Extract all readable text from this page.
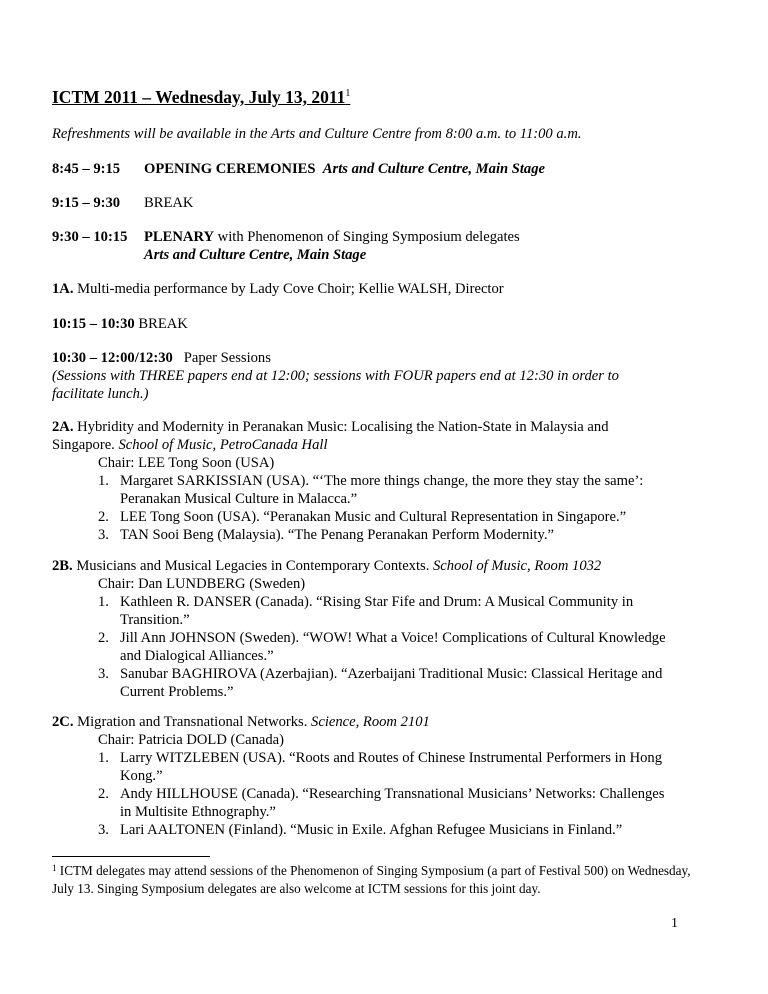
ICTM 2011 – Wednesday, July 13, 2011$^1$
Refreshments will be available in the Arts and Culture Centre from 8:00 a.m. to 11:00 a.m.
8:45 – 9:15	OPENING CEREMONIES Arts and Culture Centre, Main Stage
9:15 – 9:30	BREAK
9:30 – 10:15	PLENARY with Phenomenon of Singing Symposium delegates
Arts and Culture Centre, Main Stage
1A. Multi-media performance by Lady Cove Choir; Kellie WALSH, Director
10:15 – 10:30 BREAK
10:30 – 12:00/12:30 Paper Sessions
(Sessions with THREE papers end at 12:00; sessions with FOUR papers end at 12:30 in order to facilitate lunch.)
2A. Hybridity and Modernity in Peranakan Music: Localising the Nation-State in Malaysia and Singapore. School of Music, PetroCanada Hall
Chair: LEE Tong Soon (USA)
1. Margaret SARKISSIAN (USA). “‘The more things change, the more they stay the same’: Peranakan Musical Culture in Malacca.”
2. LEE Tong Soon (USA). “Peranakan Music and Cultural Representation in Singapore.”
3. TAN Sooi Beng (Malaysia). “The Penang Peranakan Perform Modernity.”
2B. Musicians and Musical Legacies in Contemporary Contexts. School of Music, Room 1032
Chair: Dan LUNDBERG (Sweden)
1. Kathleen R. DANSER (Canada). “Rising Star Fife and Drum: A Musical Community in Transition.”
2. Jill Ann JOHNSON (Sweden). “WOW! What a Voice! Complications of Cultural Knowledge and Dialogical Alliances.”
3. Sanubar BAGHIROVA (Azerbajian). “Azerbaijani Traditional Music: Classical Heritage and Current Problems.”
2C. Migration and Transnational Networks. Science, Room 2101
Chair: Patricia DOLD (Canada)
1. Larry WITZLEBEN (USA). “Roots and Routes of Chinese Instrumental Performers in Hong Kong.”
2. Andy HILLHOUSE (Canada). “Researching Transnational Musicians’ Networks: Challenges in Multisite Ethnography.”
3. Lari AALTONEN (Finland). “Music in Exile. Afghan Refugee Musicians in Finland.”
$^1$ ICTM delegates may attend sessions of the Phenomenon of Singing Symposium (a part of Festival 500) on Wednesday, July 13. Singing Symposium delegates are also welcome at ICTM sessions for this joint day.
1
